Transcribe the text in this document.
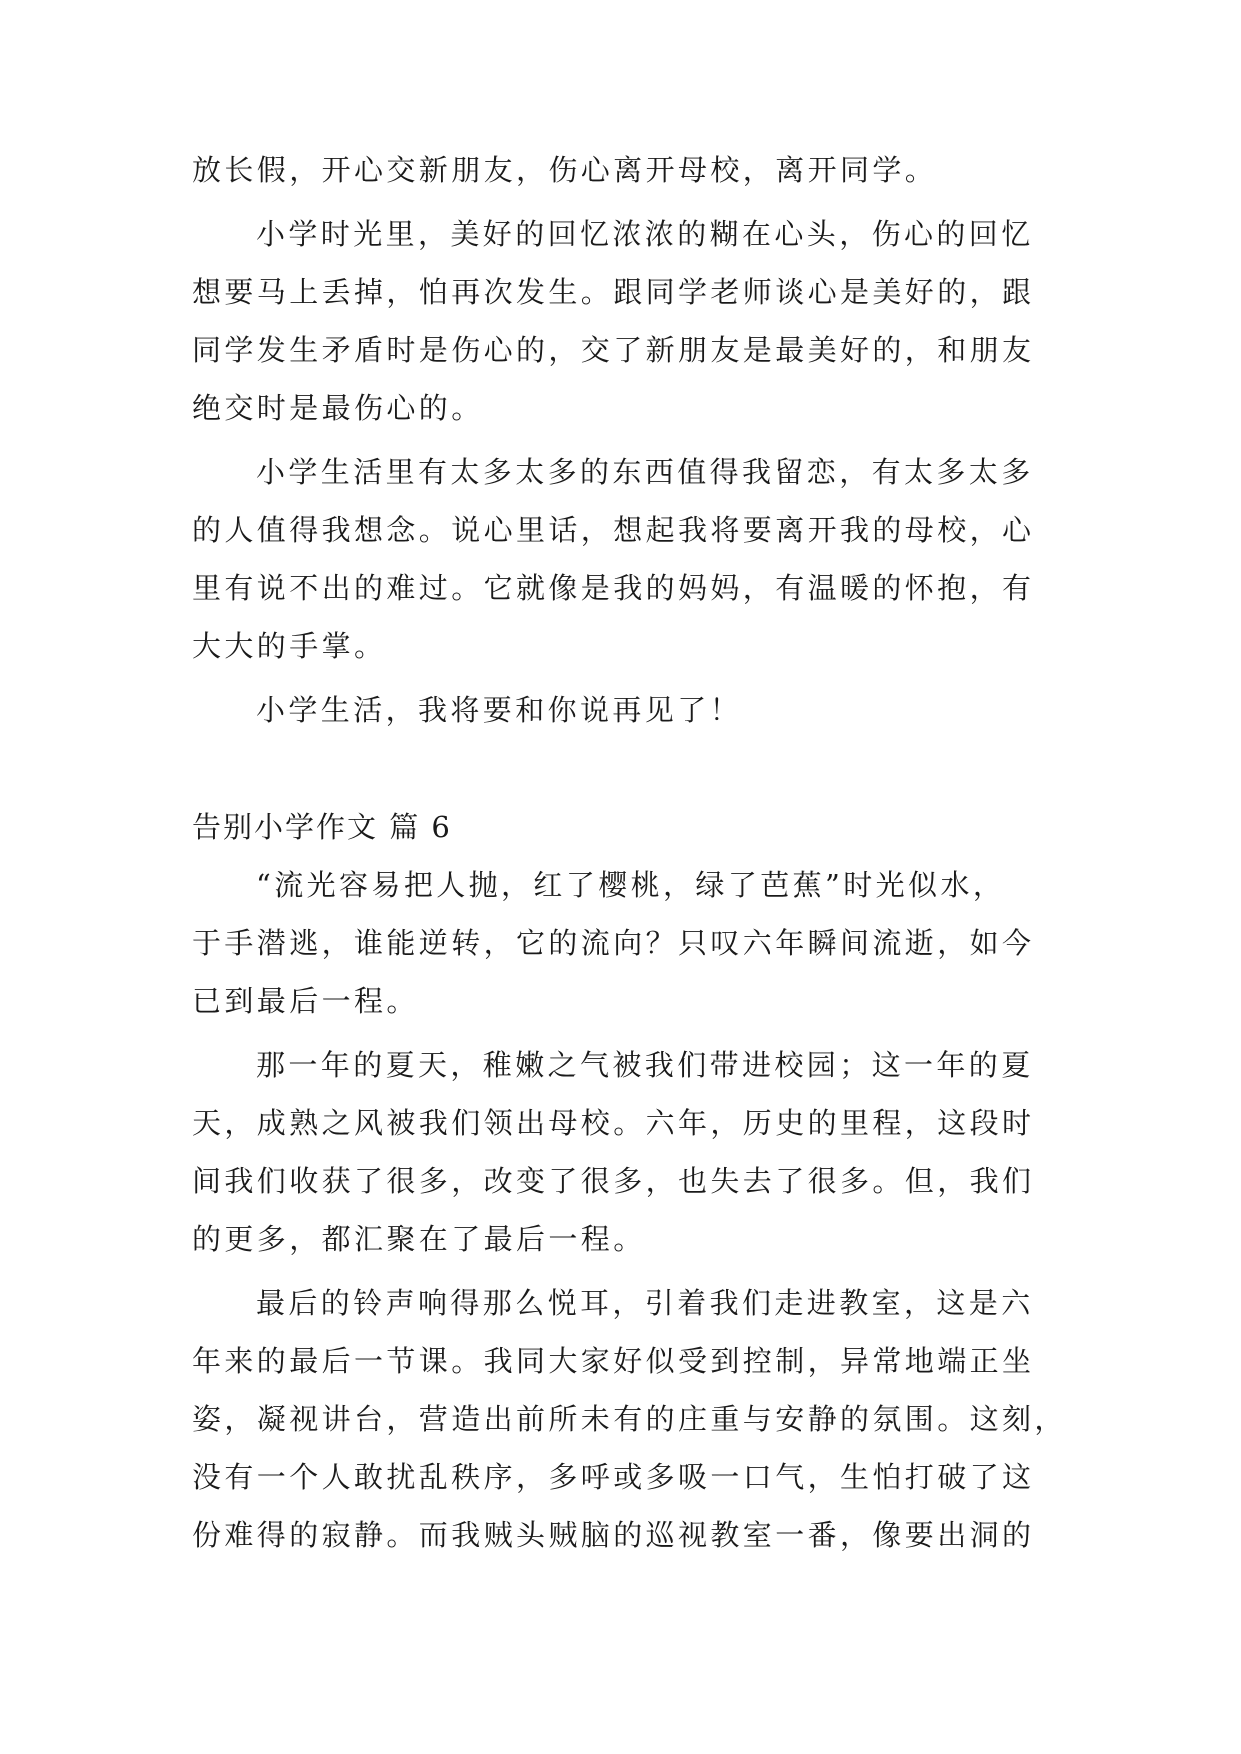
放长假，开心交新朋友，伤心离开母校，离开同学。
小学时光里，美好的回忆浓浓的糊在心头，伤心的回忆
想要马上丢掉，怕再次发生。跟同学老师谈心是美好的，跟
同学发生矛盾时是伤心的，交了新朋友是最美好的，和朋友
绝交时是最伤心的。
小学生活里有太多太多的东西值得我留恋，有太多太多
的人值得我想念。说心里话，想起我将要离开我的母校，心
里有说不出的难过。它就像是我的妈妈，有温暖的怀抱，有
大大的手掌。
小学生活，我将要和你说再见了！
告别小学作文 篇 6
“流光容易把人抛，红了樱桃，绿了芭蕉”时光似水，
于手潜逃，谁能逆转，它的流向？只叹六年瞬间流逝，如今
已到最后一程。
那一年的夏天，稚嫩之气被我们带进校园；这一年的夏
天，成熟之风被我们领出母校。六年，历史的里程，这段时
间我们收获了很多，改变了很多，也失去了很多。但，我们
的更多，都汇聚在了最后一程。
最后的铃声响得那么悦耳，引着我们走进教室，这是六
年来的最后一节课。我同大家好似受到控制，异常地端正坐
姿，凝视讲台，营造出前所未有的庄重与安静的氛围。这刻，
没有一个人敢扰乱秩序，多呼或多吸一口气，生怕打破了这
份难得的寂静。而我贼头贼脑的巡视教室一番，像要出洞的
